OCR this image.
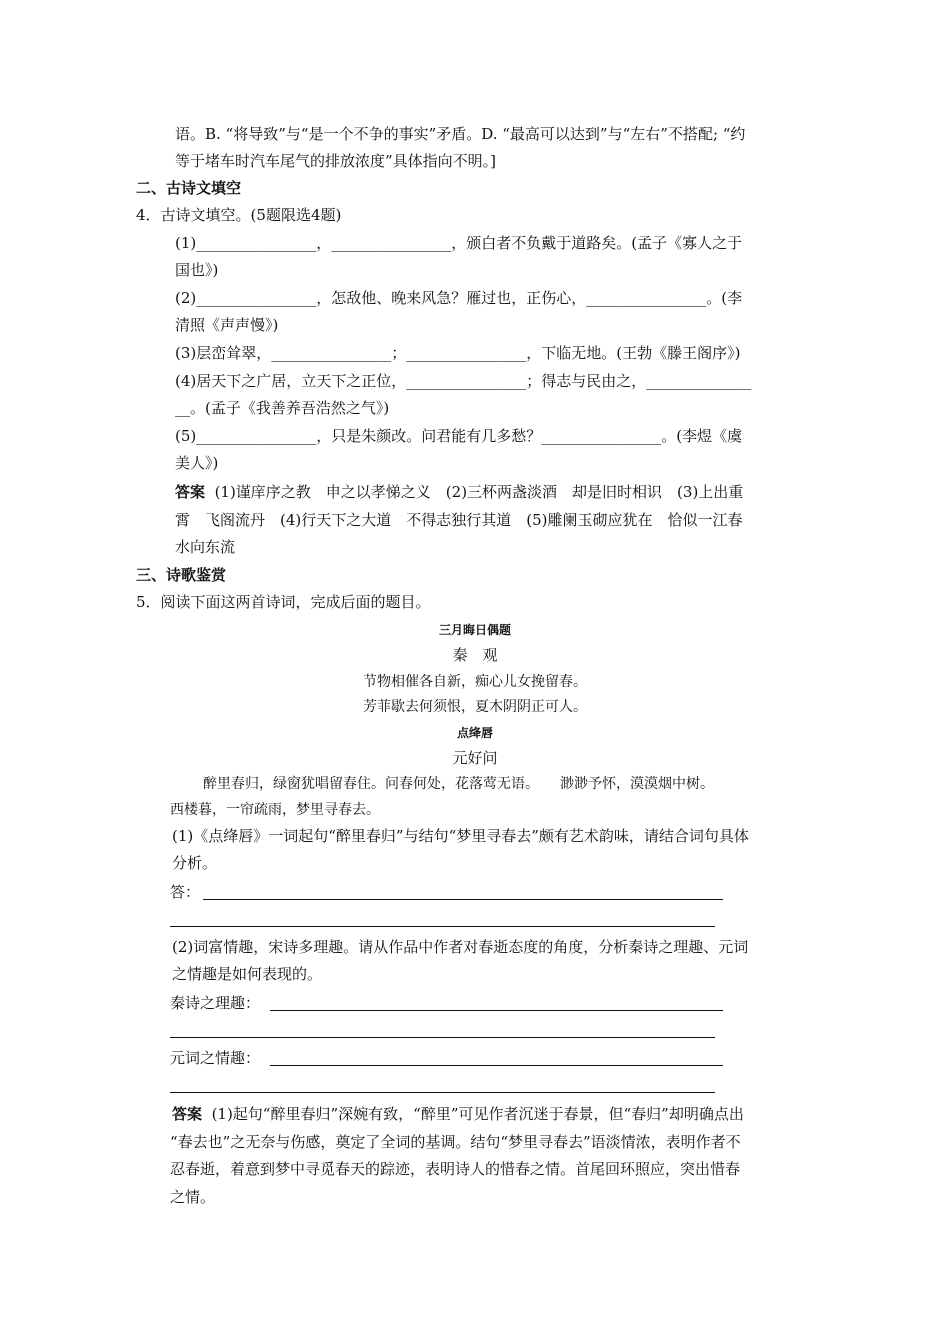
语。B. “将导致”与“是一个不争的事实”矛盾。D. “最高可以达到”与“左右”不搭配; “约
等于堵车时汽车尾气的排放浓度”具体指向不明。]
二、古诗文填空
4．古诗文填空。(5题限选4题)
(1)________________，________________，颁白者不负戴于道路矣。(孟子《寡人之于
国也》)
(2)________________，怎敌他、晚来风急？雁过也，正伤心，________________。(李
清照《声声慢》)
(3)层峦耸翠，________________；________________，下临无地。(王勃《滕王阁序》)
(4)居天下之广居，立天下之正位，________________；得志与民由之，______________
__。(孟子《我善养吾浩然之气》)
(5)________________，只是朱颜改。问君能有几多愁？________________。(李煜《虞
美人》)
答案 (1)谨庠序之教　申之以孝悌之义　(2)三杯两盏淡酒　却是旧时相识　(3)上出重
霄　飞阁流丹　(4)行天下之大道　不得志独行其道　(5)雕阑玉砌应犹在　恰似一江春
水向东流
三、诗歌鉴赏
5．阅读下面这两首诗词，完成后面的题目。
三月晦日偶题
秦　观
节物相催各自新，痴心儿女挽留春。
芳菲歇去何须恨，夏木阴阴正可人。
点绛唇
元好问
醉里春归，绿窗犹唱留春住。问春何处，花落莺无语。　　渺渺予怀，漠漠烟中树。
西楼暮，一帘疏雨，梦里寻春去。
(1)《点绛唇》一词起句“醉里春归”与结句“梦里寻春去”颇有艺术韵味，请结合词句具体
分析。
答：
(2)词富情趣，宋诗多理趣。请从作品中作者对春逝态度的角度，分析秦诗之理趣、元词
之情趣是如何表现的。
秦诗之理趣：
元词之情趣：
答案 (1)起句“醉里春归”深婉有致，“醉里”可见作者沉迷于春景，但“春归”却明确点出
“春去也”之无奈与伤感，奠定了全词的基调。结句“梦里寻春去”语淡情浓，表明作者不
忍春逝，着意到梦中寻觅春天的踪迹，表明诗人的惜春之情。首尾回环照应，突出惜春
之情。
